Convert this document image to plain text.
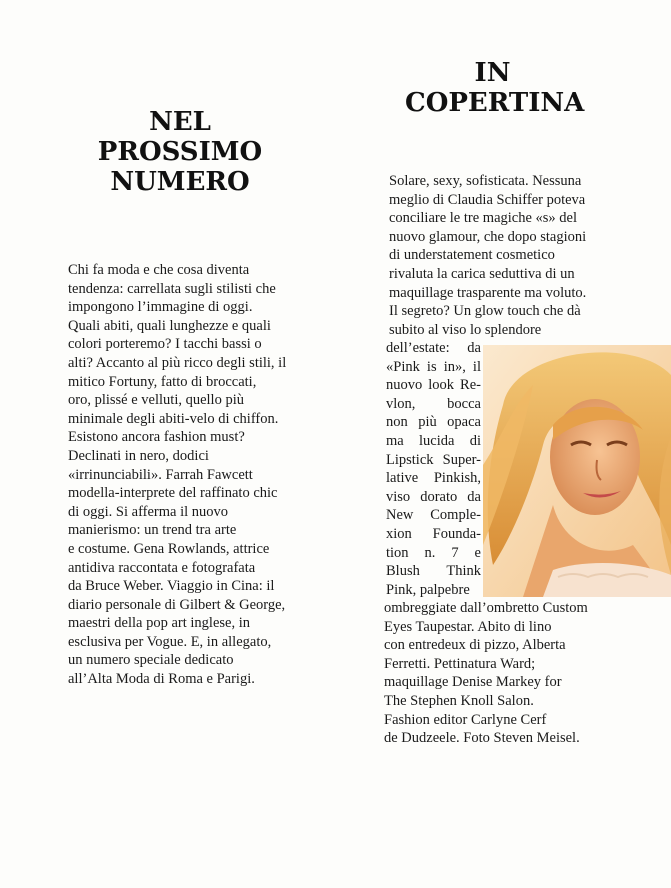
NEL
PROSSIMO
NUMERO
Chi fa moda e che cosa diventa
tendenza: carrellata sugli stilisti che
impongono l’immagine di oggi.
Quali abiti, quali lunghezze e quali
colori porteremo? I tacchi bassi o
alti? Accanto al più ricco degli stili, il
mitico Fortuny, fatto di broccati,
oro, plissé e velluti, quello più
minimale degli abiti-velo di chiffon.
Esistono ancora fashion must?
Declinati in nero, dodici
«irrinunciabili». Farrah Fawcett
modella-interprete del raffinato chic
di oggi. Si afferma il nuovo
manierismo: un trend tra arte
e costume. Gena Rowlands, attrice
antidiva raccontata e fotografata
da Bruce Weber. Viaggio in Cina: il
diario personale di Gilbert & George,
maestri della pop art inglese, in
esclusiva per Vogue. E, in allegato,
un numero speciale dedicato
all’Alta Moda di Roma e Parigi.
IN
COPERTINA
Solare, sexy, sofisticata. Nessuna
meglio di Claudia Schiffer poteva
conciliare le tre magiche «s» del
nuovo glamour, che dopo stagioni
di understatement cosmetico
rivaluta la carica seduttiva di un
maquillage trasparente ma voluto.
Il segreto? Un glow touch che dà
subito al viso lo splendore
dell’estate: da
«Pink is in», il
nuovo look Re-
vlon, bocca
non più opaca
ma lucida di
Lipstick Super-
lative Pinkish,
viso dorato da
New Comple-
xion Founda-
tion n. 7 e
Blush Think
Pink, palpebre
ombreggiate dall’ombretto Custom
Eyes Taupestar. Abito di lino
con entredeux di pizzo, Alberta
Ferretti. Pettinatura Ward;
maquillage Denise Markey for
The Stephen Knoll Salon.
Fashion editor Carlyne Cerf
de Dudzeele. Foto Steven Meisel.
